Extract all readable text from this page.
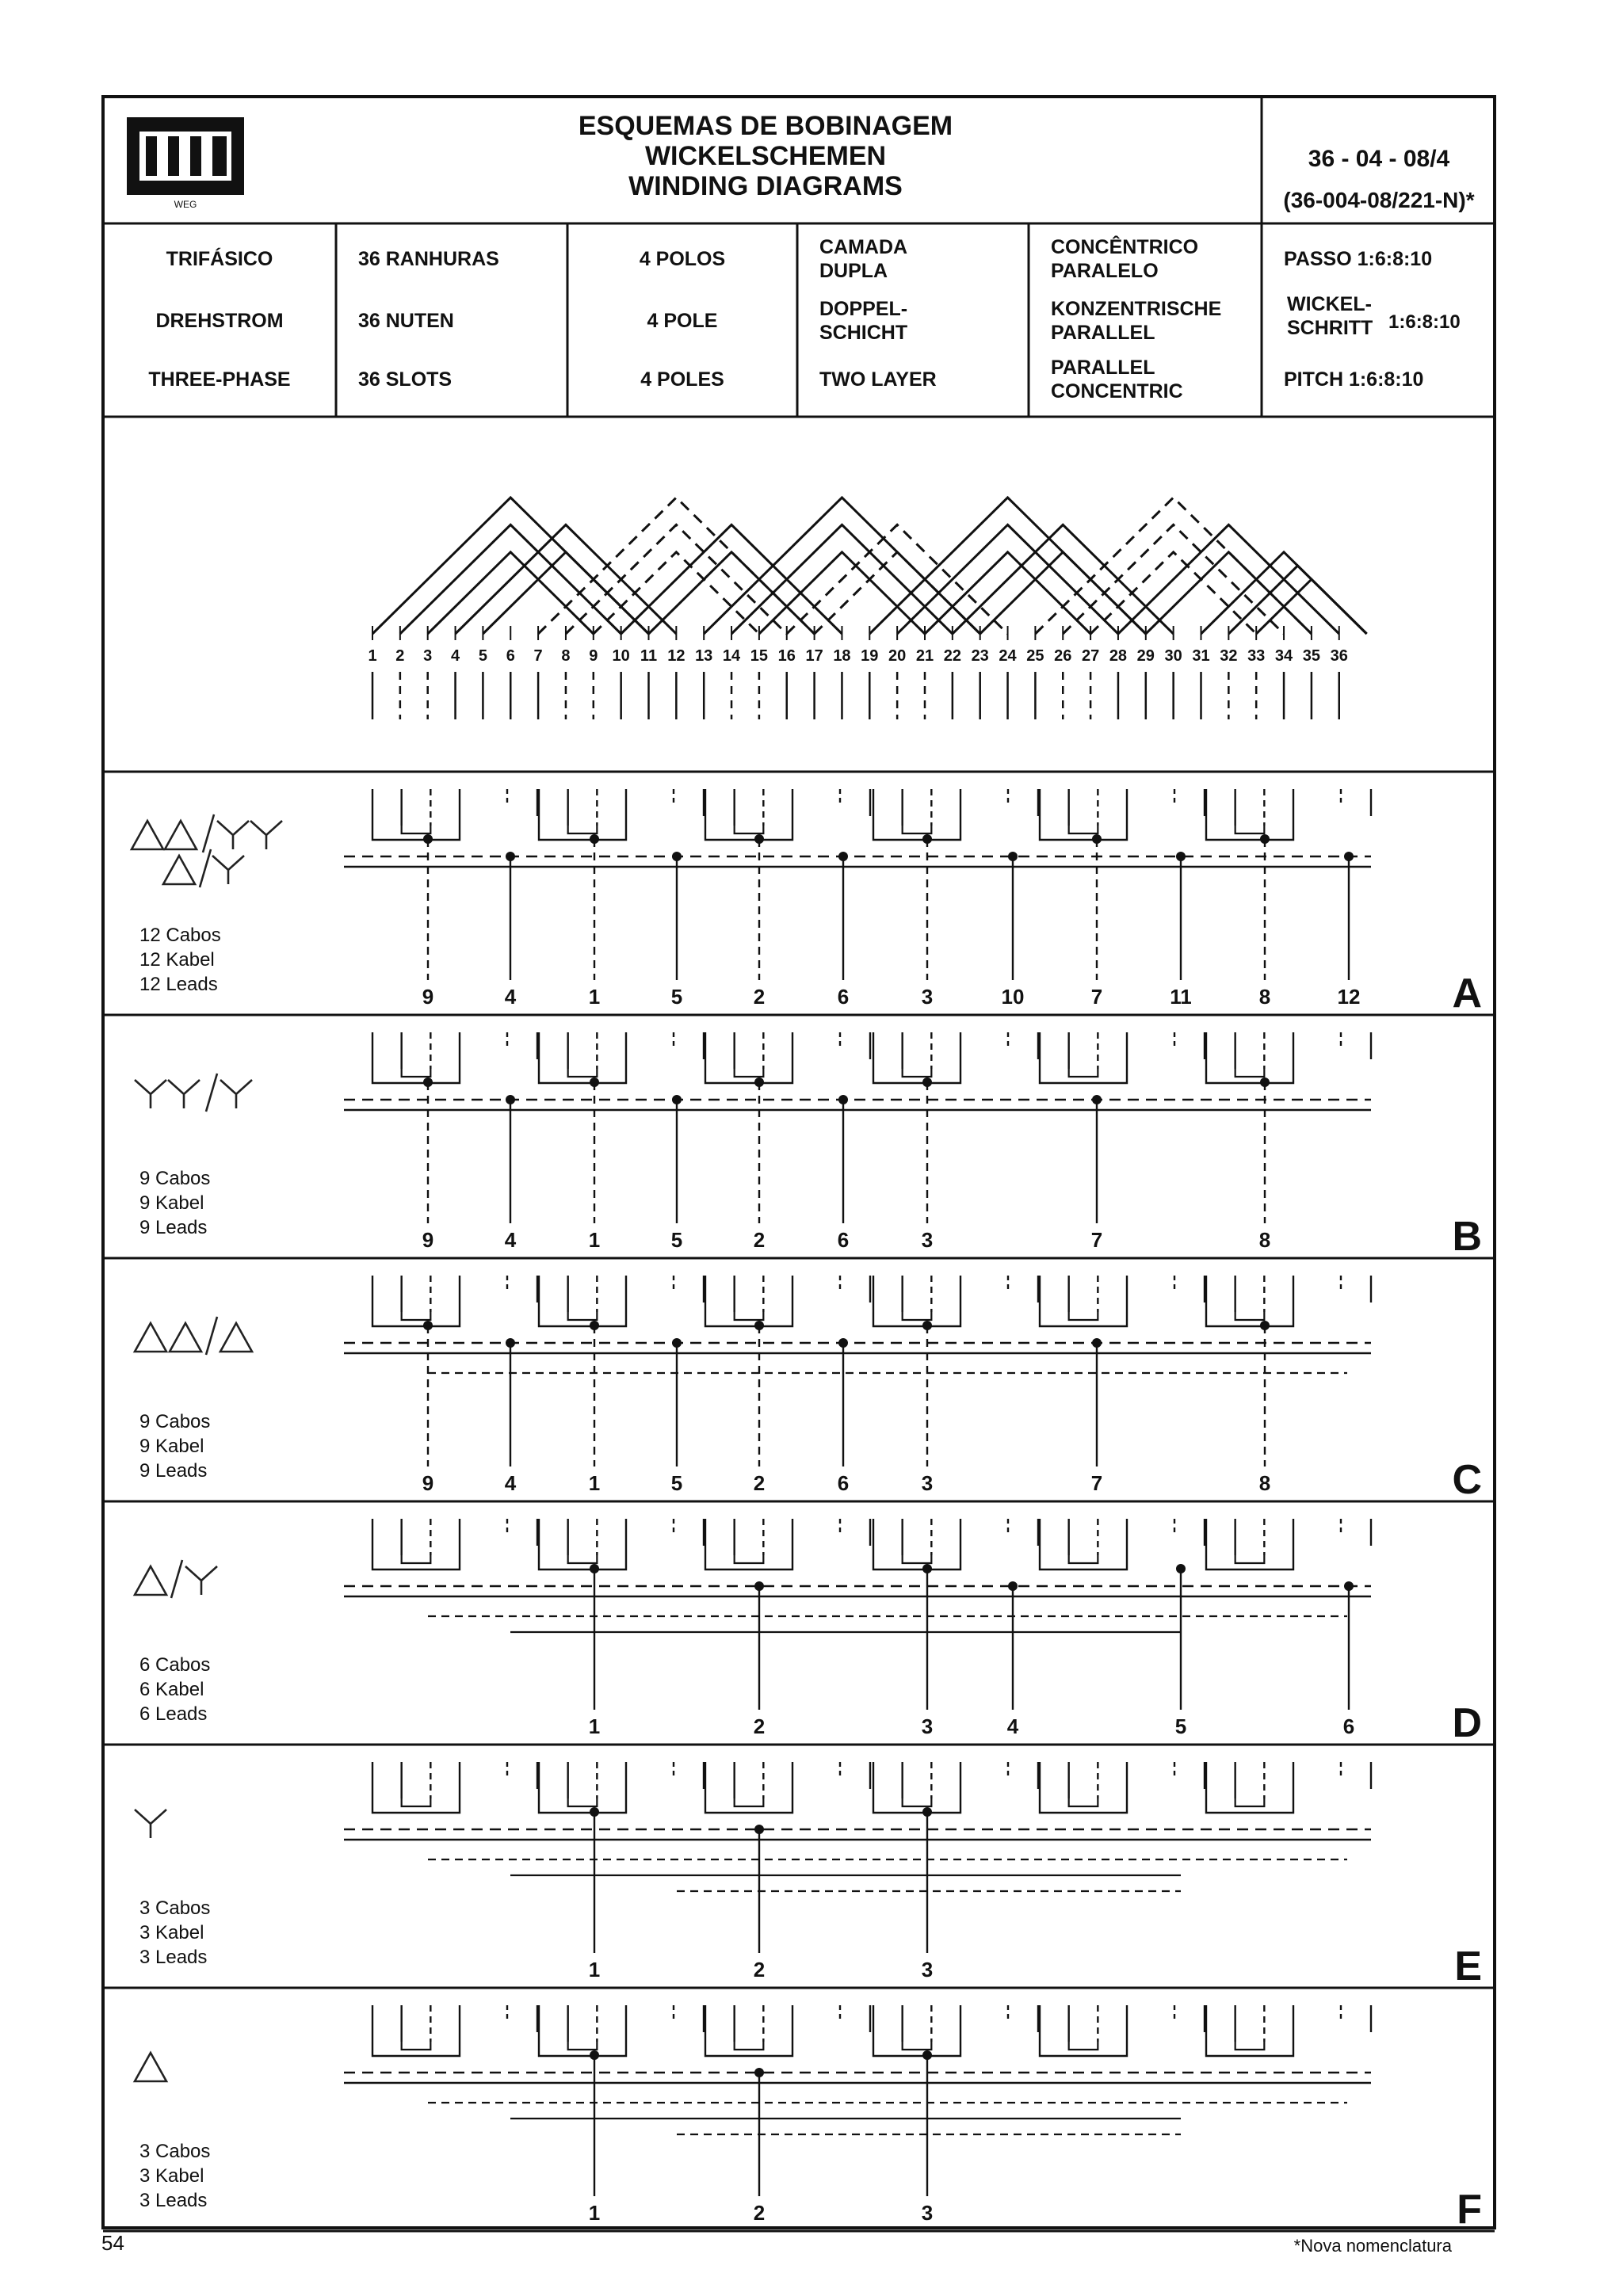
WEG
ESQUEMAS DE BOBINAGEM
WICKELSCHEMEN
WINDING DIAGRAMS
36 - 04 - 08/4
(36-004-08/221-N)*
TRIFÁSICO
DREHSTROM
THREE-PHASE
36 RANHURAS
36 NUTEN
36 SLOTS
4 POLOS
4 POLE
4 POLES
CAMADA
DUPLA
DOPPEL-
SCHICHT
TWO LAYER
CONCÊNTRICO
PARALELO
KONZENTRISCHE
PARALLEL
PARALLEL
CONCENTRIC
PASSO 1:6:8:10
WICKEL-
SCHRITT 1:6:8:10
PITCH 1:6:8:10
1 2 3 4 5 6 7 8 9 10 11 12 13 14 15 16 17 18 19 20 21 22 23 24 25 26 27 28 29 30 31 32 33 34 35 36
12 Cabos
12 Kabel
12 Leads	A
9	4	1	5	2	6	3	10	7	11	8	12
9 Cabos
9 Kabel
9 Leads	B
9	4	1	5	2	6	3	7	8
9 Cabos
9 Kabel
9 Leads	C
9	4	1	5	2	6	3	7	8
6 Cabos
6 Kabel
6 Leads	D
1	2	3	4	5	6
3 Cabos
3 Kabel
3 Leads	E
1	2	3
3 Cabos
3 Kabel
3 Leads	F
1	2	3
54	*Nova nomenclatura
